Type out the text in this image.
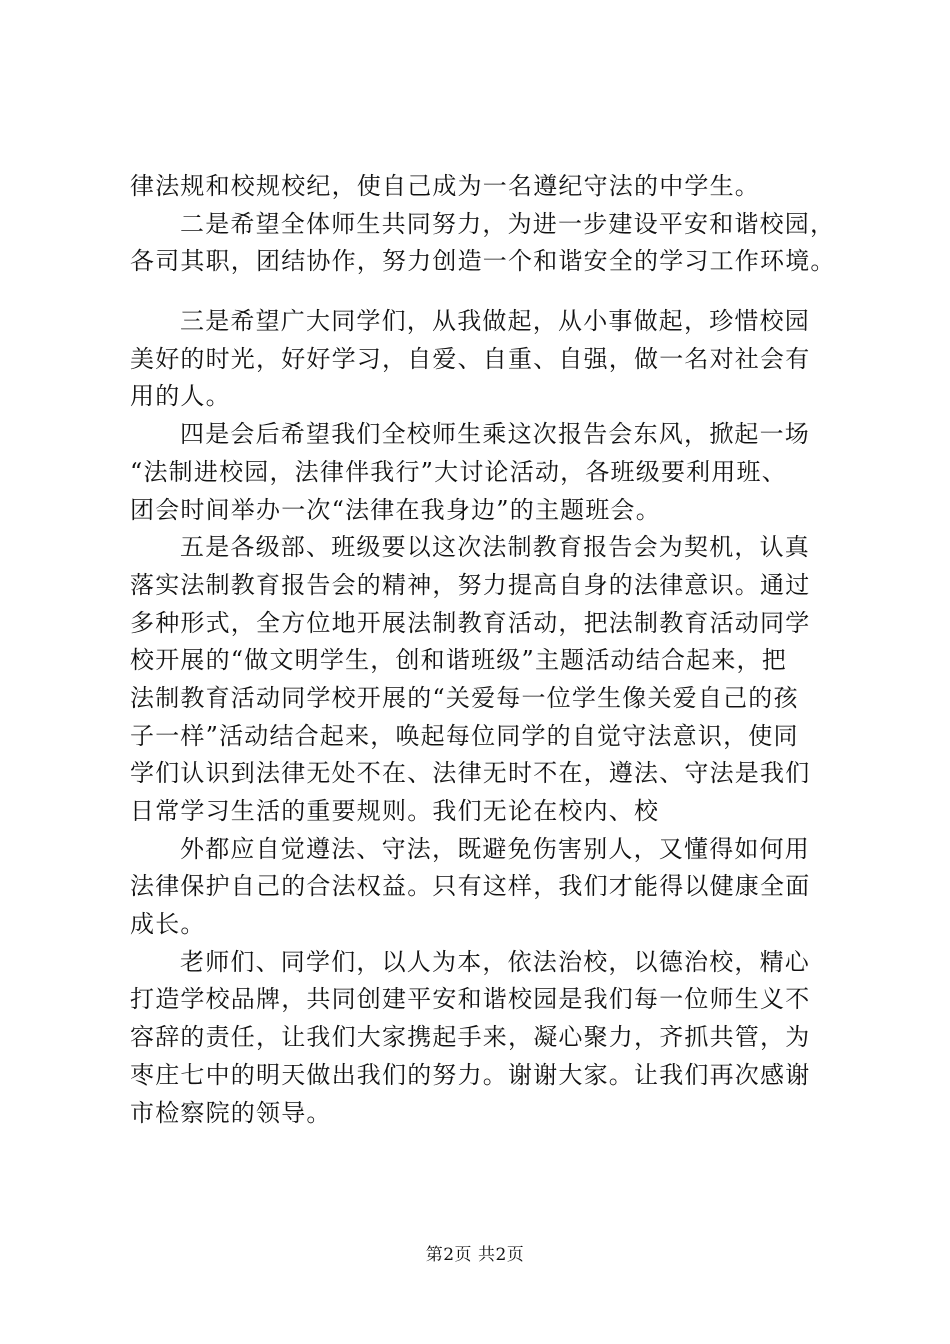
律法规和校规校纪，使自己成为一名遵纪守法的中学生。
二是希望全体师生共同努力，为进一步建设平安和谐校园，
各司其职，团结协作，努力创造一个和谐安全的学习工作环境。
三是希望广大同学们，从我做起，从小事做起，珍惜校园
美好的时光，好好学习，自爱、自重、自强，做一名对社会有
用的人。
四是会后希望我们全校师生乘这次报告会东风，掀起一场
“法制进校园，法律伴我行”大讨论活动，各班级要利用班、
团会时间举办一次“法律在我身边”的主题班会。
五是各级部、班级要以这次法制教育报告会为契机，认真
落实法制教育报告会的精神，努力提高自身的法律意识。通过
多种形式，全方位地开展法制教育活动，把法制教育活动同学
校开展的“做文明学生，创和谐班级”主题活动结合起来，把
法制教育活动同学校开展的“关爱每一位学生像关爱自己的孩
子一样”活动结合起来，唤起每位同学的自觉守法意识，使同
学们认识到法律无处不在、法律无时不在，遵法、守法是我们
日常学习生活的重要规则。我们无论在校内、校
外都应自觉遵法、守法，既避免伤害别人，又懂得如何用
法律保护自己的合法权益。只有这样，我们才能得以健康全面
成长。
老师们、同学们，以人为本，依法治校，以德治校，精心
打造学校品牌，共同创建平安和谐校园是我们每一位师生义不
容辞的责任，让我们大家携起手来，凝心聚力，齐抓共管，为
枣庄七中的明天做出我们的努力。谢谢大家。让我们再次感谢
市检察院的领导。
第2页 共2页
